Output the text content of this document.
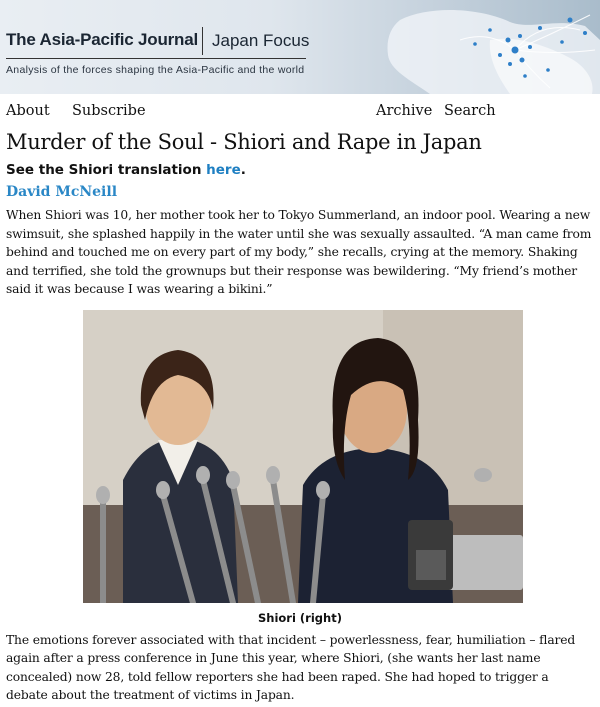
The Asia-Pacific Journal Japan Focus
Analysis of the forces shaping the Asia-Pacific and the world
About Subscribe	Archive Search
Murder of the Soul - Shiori and Rape in Japan
See the Shiori translation here.
David McNeill

When Shiori was 10, her mother took her to Tokyo Summerland, an indoor pool. Wearing a new swimsuit, she splashed happily in the water until she was sexually assaulted. “A man came from behind and touched me on every part of my body,” she recalls, crying at the memory. Shaking and terrified, she told the grownups but their response was bewildering. “My friend’s mother said it was because I was wearing a bikini.”

Shiori (right)

The emotions forever associated with that incident – powerlessness, fear, humiliation – flared again after a press conference in June this year, where Shiori, (she wants her last name concealed) now 28, told fellow reporters she had been raped. She had hoped to trigger a debate about the treatment of victims in Japan.
